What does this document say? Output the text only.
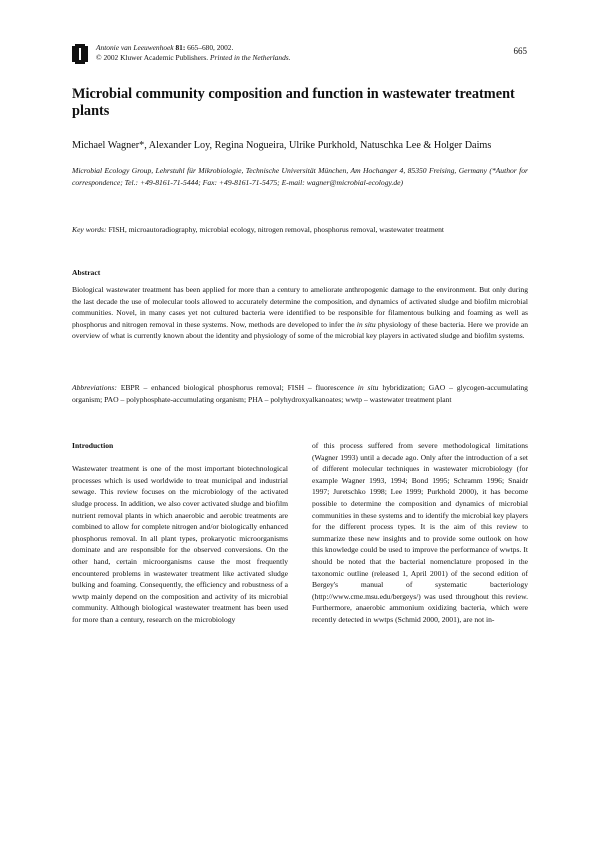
Antonie van Leeuwenhoek 81: 665–680, 2002.
© 2002 Kluwer Academic Publishers. Printed in the Netherlands.
665
Microbial community composition and function in wastewater treatment plants
Michael Wagner*, Alexander Loy, Regina Nogueira, Ulrike Purkhold, Natuschka Lee & Holger Daims
Microbial Ecology Group, Lehrstuhl für Mikrobiologie, Technische Universität München, Am Hochanger 4, 85350 Freising, Germany (*Author for correspondence; Tel.: +49-8161-71-5444; Fax: +49-8161-71-5475; E-mail: wagner@microbial-ecology.de)
Key words: FISH, microautoradiography, microbial ecology, nitrogen removal, phosphorus removal, wastewater treatment
Abstract
Biological wastewater treatment has been applied for more than a century to ameliorate anthropogenic damage to the environment. But only during the last decade the use of molecular tools allowed to accurately determine the composition, and dynamics of activated sludge and biofilm microbial communities. Novel, in many cases yet not cultured bacteria were identified to be responsible for filamentous bulking and foaming as well as phosphorus and nitrogen removal in these systems. Now, methods are developed to infer the in situ physiology of these bacteria. Here we provide an overview of what is currently known about the identity and physiology of some of the microbial key players in activated sludge and biofilm systems.
Abbreviations: EBPR – enhanced biological phosphorus removal; FISH – fluorescence in situ hybridization; GAO – glycogen-accumulating organism; PAO – polyphosphate-accumulating organism; PHA – polyhydroxyalkanoates; wwtp – wastewater treatment plant
Introduction

Wastewater treatment is one of the most important biotechnological processes which is used worldwide to treat municipal and industrial sewage. This review focuses on the microbiology of the activated sludge process. In addition, we also cover activated sludge and biofilm nutrient removal plants in which anaerobic and aerobic treatments are combined to allow for complete nitrogen and/or biologically enhanced phosphorus removal. In all plant types, prokaryotic microorganisms dominate and are responsible for the observed conversions. On the other hand, certain microorganisms cause the most frequently encountered problems in wastewater treatment like activated sludge bulking and foaming. Consequently, the efficiency and robustness of a wwtp mainly depend on the composition and activity of its microbial community. Although biological wastewater treatment has been used for more than a century, research on the microbiology

of this process suffered from severe methodological limitations (Wagner 1993) until a decade ago. Only after the introduction of a set of different molecular techniques in wastewater microbiology (for example Wagner 1993, 1994; Bond 1995; Schramm 1996; Snaidr 1997; Juretschko 1998; Lee 1999; Purkhold 2000), it has become possible to determine the composition and dynamics of microbial communities in these systems and to identify the microbial key players for the different process types. It is the aim of this review to summarize these new insights and to provide some outlook on how this knowledge could be used to improve the performance of wwtps. It should be noted that the bacterial nomenclature proposed in the taxonomic outline (released 1, April 2001) of the second edition of Bergey's manual of systematic bacteriology (http://www.cme.msu.edu/bergeys/) was used throughout this review. Furthermore, anaerobic ammonium oxidizing bacteria, which were recently detected in wwtps (Schmid 2000, 2001), are not in-
